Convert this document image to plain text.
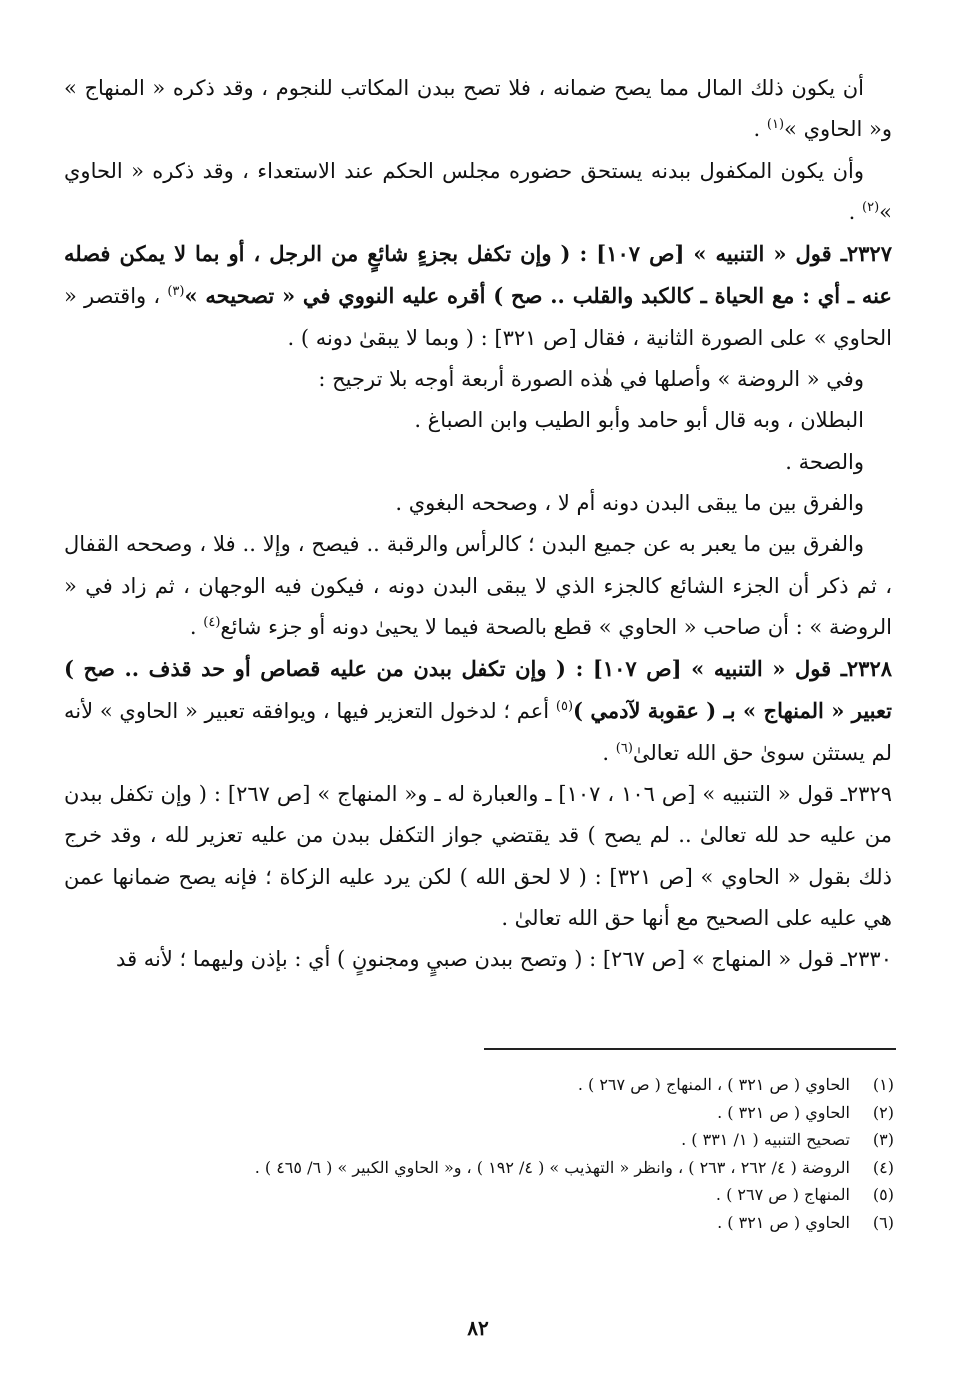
أن يكون ذلك المال مما يصح ضمانه ، فلا تصح ببدن المكاتب للنجوم ، وقد ذكره « المنهاج » و« الحاوي »$^{(١)}$ .

وأن يكون المكفول ببدنه يستحق حضوره مجلس الحكم عند الاستعداء ، وقد ذكره « الحاوي »$^{(٢)}$ .

٢٣٢٧ـ قول « التنبيه » [ص ١٠٧] : ( وإن تكفل بجزءٍ شائعٍ من الرجل ، أو بما لا يمكن فصله عنه ـ أي : مع الحياة ـ كالكبد والقلب .. صح ) أقره عليه النووي في « تصحيحه »$^{(٣)}$ ، واقتصر « الحاوي » على الصورة الثانية ، فقال [ص ٣٢١] : ( وبما لا يبقىٰ دونه ) .

وفي « الروضة » وأصلها في هٰذه الصورة أربعة أوجه بلا ترجيح :

البطلان ، وبه قال أبو حامد وأبو الطيب وابن الصباغ .

والصحة .

والفرق بين ما يبقى البدن دونه أم لا ، وصححه البغوي .

والفرق بين ما يعبر به عن جميع البدن ؛ كالرأس والرقبة .. فيصح ، وإلا .. فلا ، وصححه القفال ، ثم ذكر أن الجزء الشائع كالجزء الذي لا يبقى البدن دونه ، فيكون فيه الوجهان ، ثم زاد في « الروضة » : أن صاحب « الحاوي » قطع بالصحة فيما لا يحيىٰ دونه أو جزء شائع$^{(٤)}$ .

٢٣٢٨ـ قول « التنبيه » [ص ١٠٧] : ( وإن تكفل ببدن من عليه قصاص أو حد قذف .. صح ) تعبير « المنهاج » بـ ( عقوبة لآدمي )$^{(٥)}$ أعم ؛ لدخول التعزير فيها ، ويوافقه تعبير « الحاوي » لأنه لم يستثن سوىٰ حق الله تعالىٰ$^{(٦)}$ .

٢٣٢٩ـ قول « التنبيه » [ص ١٠٦ ، ١٠٧] ـ والعبارة له ـ و« المنهاج » [ص ٢٦٧] : ( وإن تكفل ببدن من عليه حد لله تعالىٰ .. لم يصح ) قد يقتضي جواز التكفل ببدن من عليه تعزير لله ، وقد خرج ذلك بقول « الحاوي » [ص ٣٢١] : ( لا لحق الله ) لكن يرد عليه الزكاة ؛ فإنه يصح ضمانها عمن هي عليه على الصحيح مع أنها حق الله تعالىٰ .

٢٣٣٠ـ قول « المنهاج » [ص ٢٦٧] : ( وتصح ببدن صبيٍ ومجنونٍ ) أي : بإذن وليهما ؛ لأنه قد

(١)الحاوي ( ص ٣٢١ ) ، المنهاج ( ص ٢٦٧ ) .

(٢)الحاوي ( ص ٣٢١ ) .

(٣)تصحيح التنبيه ( ١/ ٣٣١ ) .

(٤)الروضة ( ٤/ ٢٦٢ ، ٢٦٣ ) ، وانظر « التهذيب » ( ٤/ ١٩٢ ) ، و« الحاوي الكبير » ( ٦/ ٤٦٥ ) .

(٥)المنهاج ( ص ٢٦٧ ) .

(٦)الحاوي ( ص ٣٢١ ) .

٨٢
